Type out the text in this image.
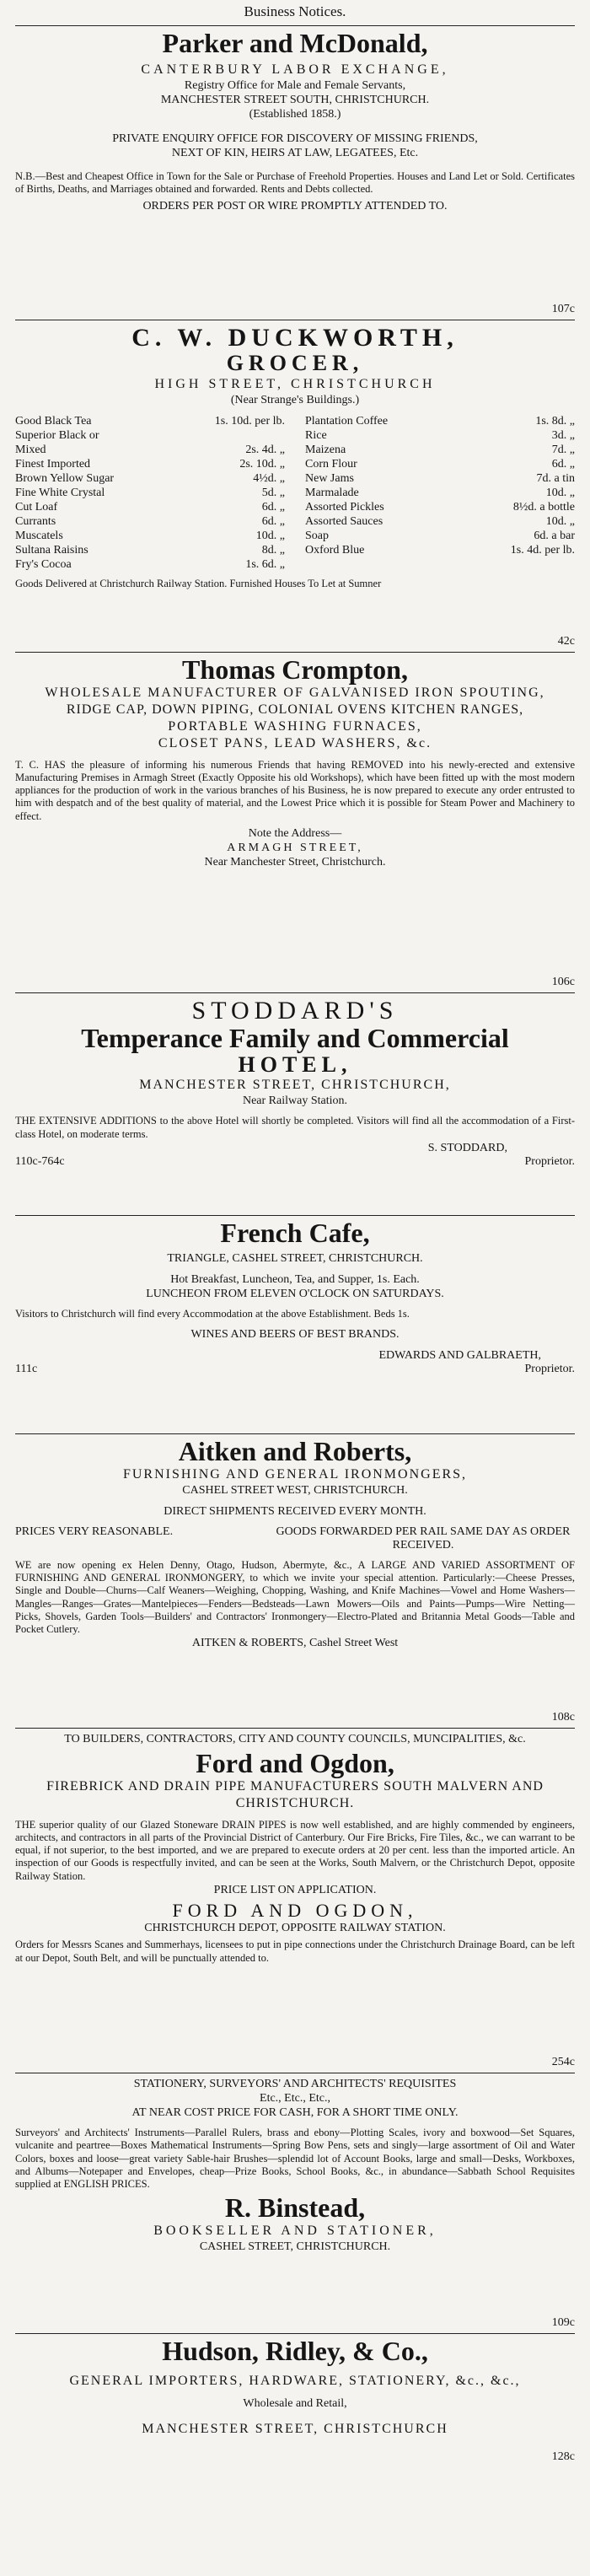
Business Notices.
Parker and McDonald,
CANTERBURY LABOR EXCHANGE,
Registry Office for Male and Female Servants,
MANCHESTER STREET SOUTH, CHRISTCHURCH.
(Established 1858.)
PRIVATE ENQUIRY OFFICE FOR DISCOVERY OF MISSING FRIENDS,
NEXT OF KIN, HEIRS AT LAW, LEGATEES, Etc.
N.B.—Best and Cheapest Office in Town for the Sale or Purchase of Freehold Properties. Houses and Land Let or Sold. Certificates of Births, Deaths, and Marriages obtained and forwarded. Rents and Debts collected.
ORDERS PER POST OR WIRE PROMPTLY ATTENDED TO.
107c
C. W. DUCKWORTH,
GROCER,
HIGH STREET, CHRISTCHURCH
(Near Strange's Buildings.)
Good Black Tea	1s. 10d. per lb.
Superior Black or
Mixed	2s. 4d. „
Finest Imported	2s. 10d. „
Brown Yellow Sugar	4½d. „
Fine White Crystal	5d. „
Cut Loaf	6d. „
Currants	6d. „
Muscatels	10d. „
Sultana Raisins	8d. „
Fry's Cocoa	1s. 6d. „
Plantation Coffee	1s. 8d. „
Rice	3d. „
Maizena	7d. „
Corn Flour	6d. „
New Jams	7d. a tin
Marmalade	10d. „
Assorted Pickles	8½d. a bottle
Assorted Sauces	10d. „
Soap	6d. a bar
Oxford Blue	1s. 4d. per lb.
Goods Delivered at Christchurch Railway Station. Furnished Houses To Let at Sumner
42c
Thomas Crompton,
WHOLESALE MANUFACTURER OF GALVANISED IRON SPOUTING,
RIDGE CAP, DOWN PIPING, COLONIAL OVENS KITCHEN RANGES,
PORTABLE WASHING FURNACES,
CLOSET PANS, LEAD WASHERS, &c.
T. C. HAS the pleasure of informing his numerous Friends that having REMOVED into his newly-erected and extensive Manufacturing Premises in Armagh Street (Exactly Opposite his old Workshops), which have been fitted up with the most modern appliances for the production of work in the various branches of his Business, he is now prepared to execute any order entrusted to him with despatch and of the best quality of material, and the Lowest Price which it is possible for Steam Power and Machinery to effect.
Note the Address—
ARMAGH STREET,
Near Manchester Street, Christchurch.
106c
STODDARD'S
Temperance Family and Commercial
HOTEL,
MANCHESTER STREET, CHRISTCHURCH,
Near Railway Station.
THE EXTENSIVE ADDITIONS to the above Hotel will shortly be completed. Visitors will find all the accommodation of a First-class Hotel, on moderate terms.
S. STODDARD,
110c-764c	Proprietor.
French Cafe,
TRIANGLE, CASHEL STREET, CHRISTCHURCH.
Hot Breakfast, Luncheon, Tea, and Supper, 1s. Each.
LUNCHEON FROM ELEVEN O'CLOCK ON SATURDAYS.
Visitors to Christchurch will find every Accommodation at the above Establishment. Beds 1s.
WINES AND BEERS OF BEST BRANDS.
EDWARDS AND GALBRAETH,
111c	Proprietor.
Aitken and Roberts,
FURNISHING AND GENERAL IRONMONGERS,
CASHEL STREET WEST, CHRISTCHURCH.
DIRECT SHIPMENTS RECEIVED EVERY MONTH.
PRICES VERY REASONABLE.	GOODS FORWARDED PER RAIL SAME DAY AS ORDER RECEIVED.
WE are now opening ex Helen Denny, Otago, Hudson, Abermyte, &c., A LARGE AND VARIED ASSORTMENT OF FURNISHING AND GENERAL IRONMONGERY, to which we invite your special attention. Particularly:—Cheese Presses, Single and Double—Churns—Calf Weaners—Weighing, Chopping, Washing, and Knife Machines—Vowel and Home Washers—Mangles—Ranges—Grates—Mantelpieces—Fenders—Bedsteads—Lawn Mowers—Oils and Paints—Pumps—Wire Netting—Picks, Shovels, Garden Tools—Builders' and Contractors' Ironmongery—Electro-Plated and Britannia Metal Goods—Table and Pocket Cutlery.
AITKEN & ROBERTS, Cashel Street West
108c
TO BUILDERS, CONTRACTORS, CITY AND COUNTY COUNCILS, MUNCIPALITIES, &c.
Ford and Ogdon,
FIREBRICK AND DRAIN PIPE MANUFACTURERS SOUTH MALVERN AND CHRISTCHURCH.
THE superior quality of our Glazed Stoneware DRAIN PIPES is now well established, and are highly commended by engineers, architects, and contractors in all parts of the Provincial District of Canterbury. Our Fire Bricks, Fire Tiles, &c., we can warrant to be equal, if not superior, to the best imported, and we are prepared to execute orders at 20 per cent. less than the imported article. An inspection of our Goods is respectfully invited, and can be seen at the Works, South Malvern, or the Christchurch Depot, opposite Railway Station.
PRICE LIST ON APPLICATION.
FORD AND OGDON,
CHRISTCHURCH DEPOT, OPPOSITE RAILWAY STATION.
Orders for Messrs Scanes and Summerhays, licensees to put in pipe connections under the Christchurch Drainage Board, can be left at our Depot, South Belt, and will be punctually attended to.
254c
STATIONERY, SURVEYORS' AND ARCHITECTS' REQUISITES
Etc., Etc., Etc.,
AT NEAR COST PRICE FOR CASH, FOR A SHORT TIME ONLY.
Surveyors' and Architects' Instruments—Parallel Rulers, brass and ebony—Plotting Scales, ivory and boxwood—Set Squares, vulcanite and peartree—Boxes Mathematical Instruments—Spring Bow Pens, sets and singly—large assortment of Oil and Water Colors, boxes and loose—great variety Sable-hair Brushes—splendid lot of Account Books, large and small—Desks, Workboxes, and Albums—Notepaper and Envelopes, cheap—Prize Books, School Books, &c., in abundance—Sabbath School Requisites supplied at ENGLISH PRICES.
R. Binstead,
BOOKSELLER AND STATIONER,
CASHEL STREET, CHRISTCHURCH.
109c
Hudson, Ridley, & Co.,
GENERAL IMPORTERS, HARDWARE, STATIONERY, &c., &c.,
Wholesale and Retail,
MANCHESTER STREET, CHRISTCHURCH
128c
